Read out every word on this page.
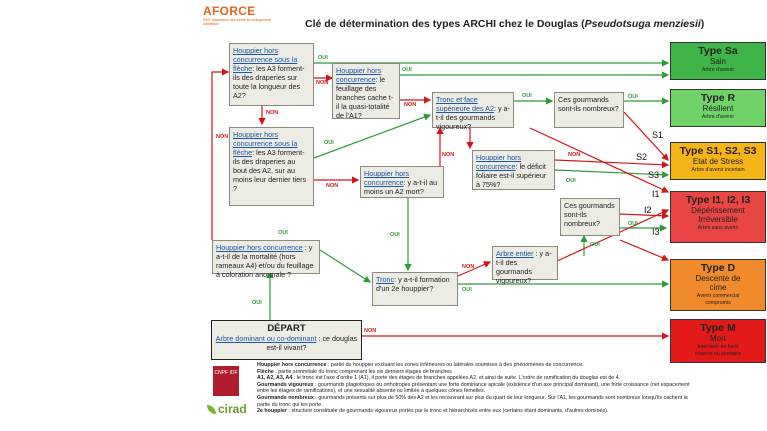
AFORCE
RMT Adaptation des forêts au changement climatique	Clé de détermination des types ARCHI chez le Douglas (Pseudotsuga menziesii)
Houppier hors concurrence sous la flèche: les A3 forment-ils des draperies sur toute la longueur des A2?
Houppier hors concurrence: le feuillage des branches cache t-il la quasi-totalité de l'A1?
Tronc et face supérieure des A2: y a-t-il des gourmands vigoureux?
Ces gourmands sont-ils nombreux?
Houppier hors concurrence sous la flèche: les A3 forment-ils des draperies au bout des A2, sur au moins leur dernier tiers ?
Houppier hors concurrence: y a-t-il au moins un A2 mort?
Houppier hors concurrence: le déficit foliaire est-il supérieur à 75%?
Ces gourmands sont-ils nombreux?
Houppier hors concurrence : y a-t-il de la mortalité (hors rameaux A4) et/ou du feuillage à coloration anormale ?
Tronc: y a-t-il formation d'un 2e houppier?
Arbre entier : y a-t-il des gourmands vigoureux?
DÉPART
Arbre dominant ou co-dominant : ce douglas est-il vivant?
Type Sa
Sain
Arbre d'avenir
Type R
Résilient
Arbre d'avenir
Type S1, S2, S3
Etat de Stress
Arbre d'avenir incertain
Type I1, I2, I3
Dépérissement
Irréversible
Arbre sans avenir
Type D
Descente de
cime
Avenir commercial
compromis
Type M
Mort
Intervenir en forêt
réserve ou sanitaire
OUI
OUI
OUI	OUI
OUI
OUI
OUI
OUI
OUI
OUI
OUI
OUI
NON
NON
NON
NON
NON
NON	NON
NON
NON
S1
S2
S3
I1
I2
I3
CNPF IDF
cirad
Houppier hors concurrence : partie du houppier excluant les zones inférieures ou latérales soumises à des phénomènes de concurrence.
Flèche : partie sommitale du tronc comprenant les six derniers étages de branches
A1, A2, A3, A4 : le tronc est l'axe d'ordre 1 (A1), il porte des étages de branches appelées A2, et ainsi de suite. L'ordre de ramification du douglas est de 4.
Gourmands vigoureux : gourmands plagiotropes ou orthotropes présentant une forte dominance apicale (existence d'un axe principal dominant), une forte croissance (net espacement entre les étages de ramifications), et une sexualité absente ou limitée à quelques cônes femelles.
Gourmands nombreux : gourmands présents sur plus de 50% des A2 et les recouvrant sur plus du quart de leur longueur. Sur l'A1, les gourmands sont nombreux lorsqu'ils cachent la partie du tronc qui les porte.
2e houppier : structure constituée de gourmands vigoureux portés par le tronc et hiérarchisés entre eux (certains étant dominants, d'autres dominés).
